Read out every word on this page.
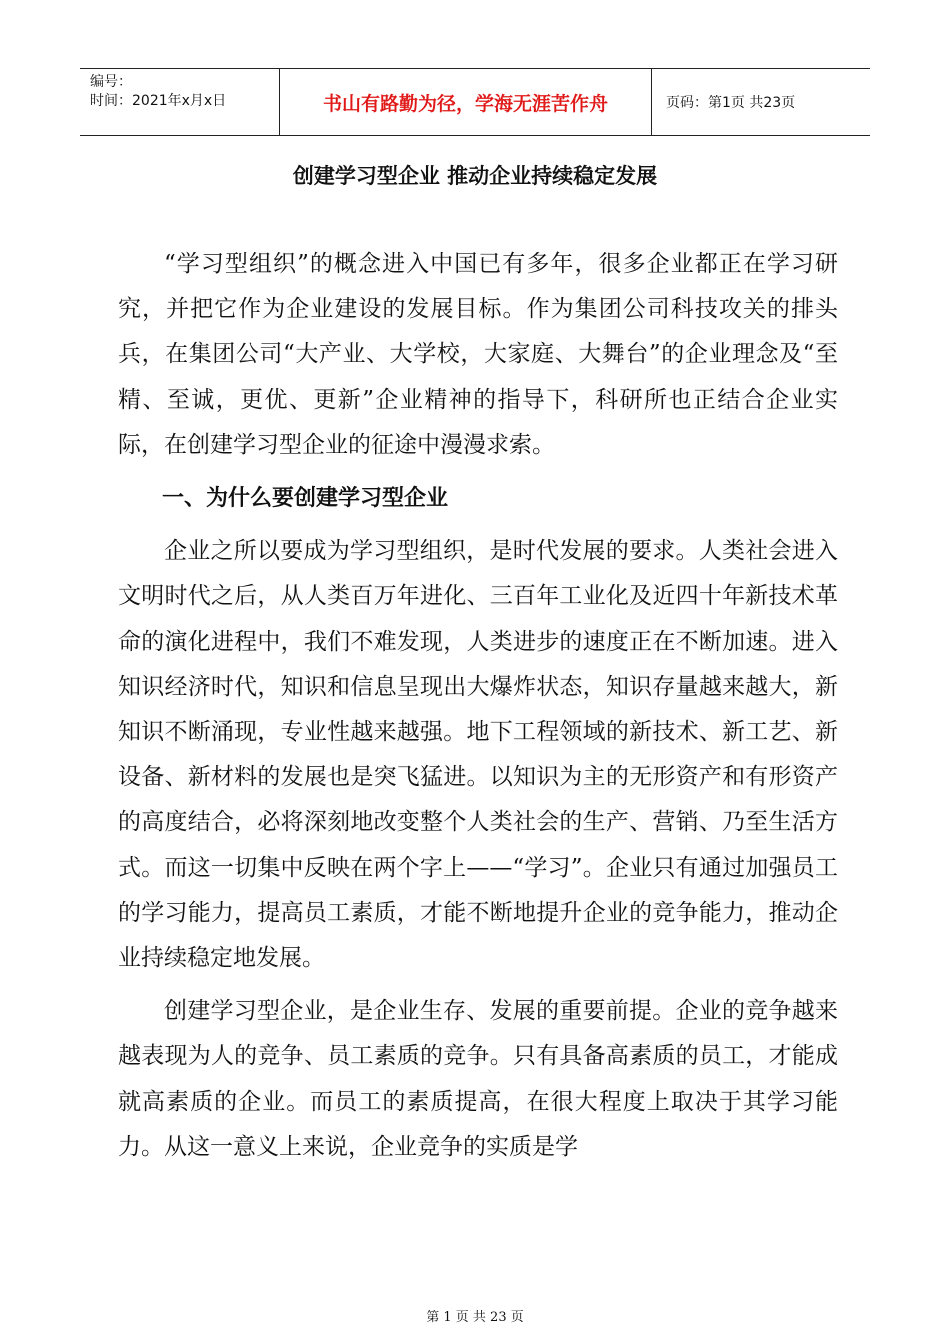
编号：
时间：2021年x月x日	书山有路勤为径，学海无涯苦作舟	页码：第1页 共23页
创建学习型企业 推动企业持续稳定发展

“学习型组织”的概念进入中国已有多年，很多企业都正在学习研究，并把它作为企业建设的发展目标。作为集团公司科技攻关的排头兵，在集团公司“大产业、大学校，大家庭、大舞台”的企业理念及“至精、至诚，更优、更新”企业精神的指导下，科研所也正结合企业实际，在创建学习型企业的征途中漫漫求索。

一、为什么要创建学习型企业

企业之所以要成为学习型组织，是时代发展的要求。人类社会进入文明时代之后，从人类百万年进化、三百年工业化及近四十年新技术革命的演化进程中，我们不难发现，人类进步的速度正在不断加速。进入知识经济时代，知识和信息呈现出大爆炸状态，知识存量越来越大，新知识不断涌现，专业性越来越强。地下工程领域的新技术、新工艺、新设备、新材料的发展也是突飞猛进。以知识为主的无形资产和有形资产的高度结合，必将深刻地改变整个人类社会的生产、营销、乃至生活方式。而这一切集中反映在两个字上——“学习”。企业只有通过加强员工的学习能力，提高员工素质，才能不断地提升企业的竞争能力，推动企业持续稳定地发展。

创建学习型企业，是企业生存、发展的重要前提。企业的竞争越来越表现为人的竞争、员工素质的竞争。只有具备高素质的员工，才能成就高素质的企业。而员工的素质提高，在很大程度上取决于其学习能力。从这一意义上来说，企业竞争的实质是学

第 1 页 共 23 页
